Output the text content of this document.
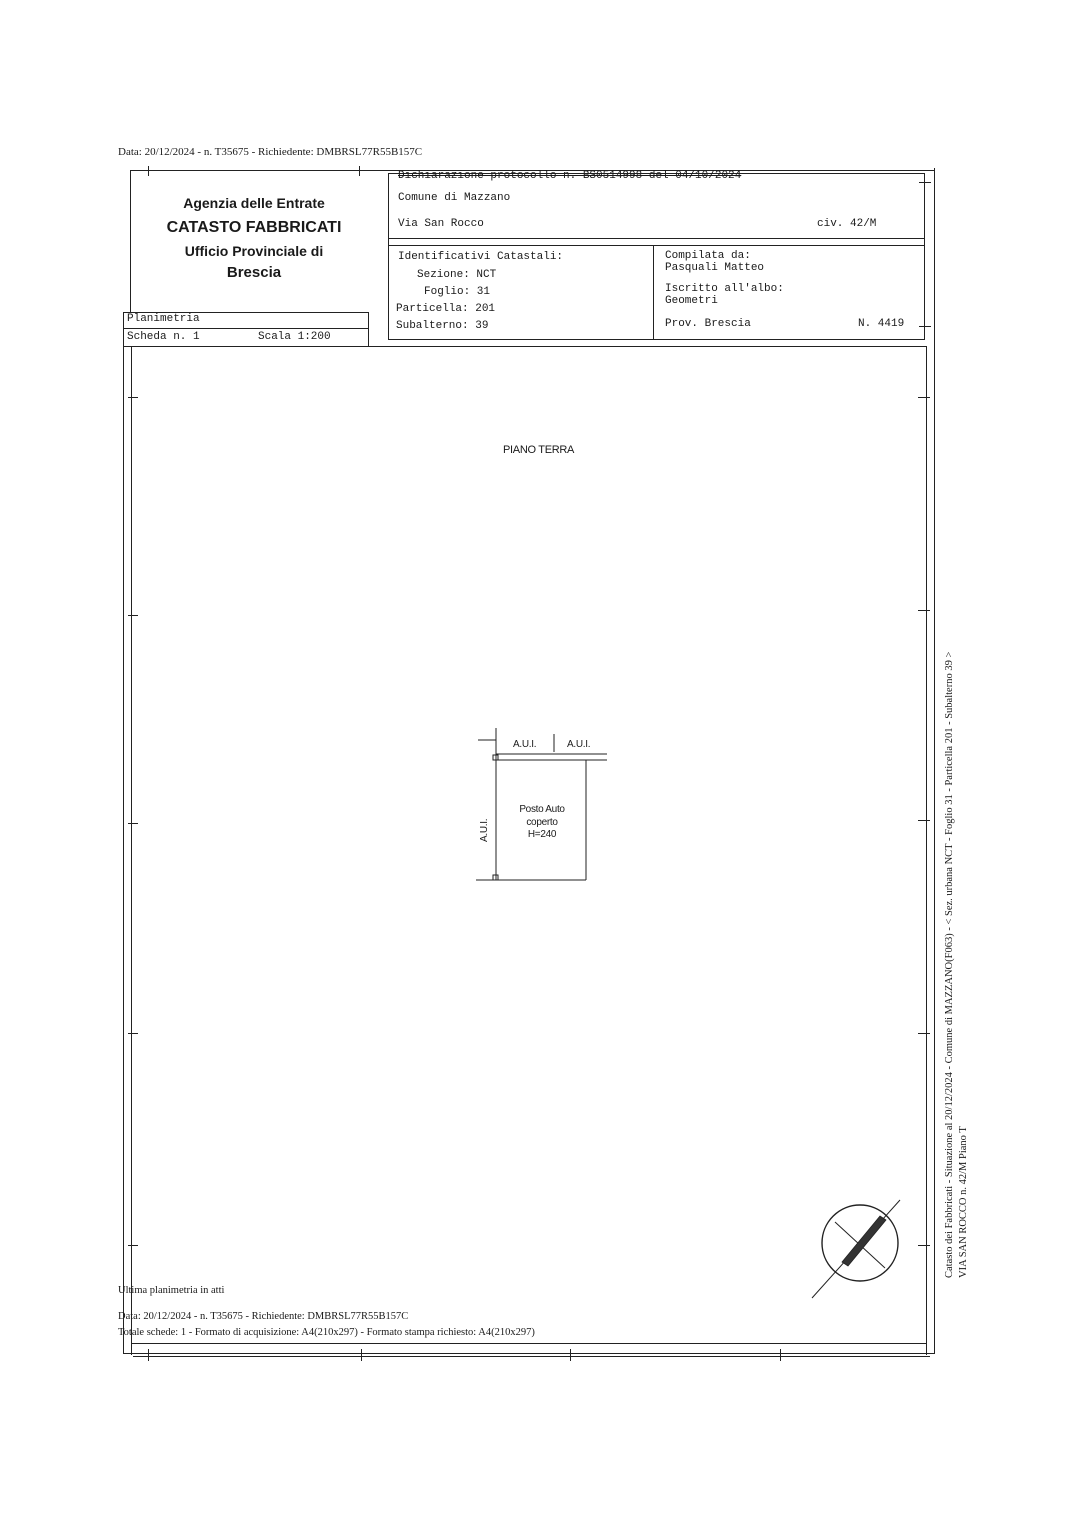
Data: 20/12/2024 - n. T35675 - Richiedente: DMBRSL77R55B157C
Agenzia delle Entrate
CATASTO FABBRICATI
Ufficio Provinciale di
Brescia
Planimetria
Scheda n. 1	Scala 1:200
Dichiarazione protocollo n. BS0514998 del 04/10/2024
Comune di Mazzano
Via San Rocco	civ. 42/M
Identificativi Catastali:
Sezione: NCT
Foglio: 31
Particella: 201
Subalterno: 39
Compilata da:
Pasquali Matteo
Iscritto all'albo:
Geometri
Prov. Brescia	N. 4419
PIANO TERRA
A.U.I.	A.U.I.
A.U.I.
Posto Auto
coperto
H=240
Ultima planimetria in atti
Data: 20/12/2024 - n. T35675 - Richiedente: DMBRSL77R55B157C
Totale schede: 1 - Formato di acquisizione: A4(210x297) - Formato stampa richiesto: A4(210x297)
Catasto dei Fabbricati - Situazione al 20/12/2024 - Comune di MAZZANO(F063) - < Sez. urbana NCT - Foglio 31 - Particella 201 - Subalterno 39 > VIA SAN ROCCO n. 42/M Piano T
